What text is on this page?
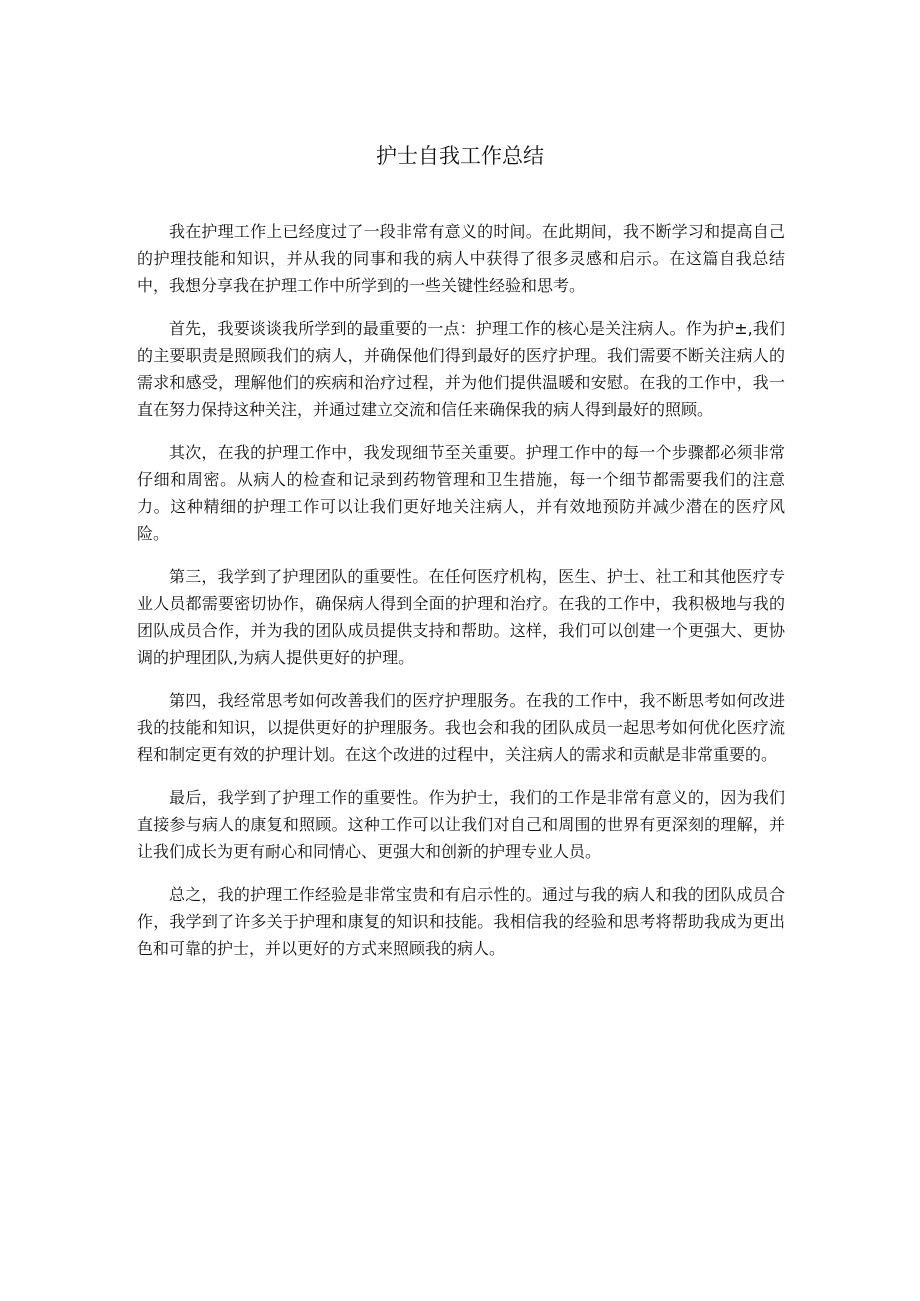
护士自我工作总结

我在护理工作上已经度过了一段非常有意义的时间。在此期间，我不断学习和提高自己的护理技能和知识，并从我的同事和我的病人中获得了很多灵感和启示。在这篇自我总结中，我想分享我在护理工作中所学到的一些关键性经验和思考。

首先，我要谈谈我所学到的最重要的一点：护理工作的核心是关注病人。作为护±,我们的主要职责是照顾我们的病人，并确保他们得到最好的医疗护理。我们需要不断关注病人的需求和感受，理解他们的疾病和治疗过程，并为他们提供温暖和安慰。在我的工作中，我一直在努力保持这种关注，并通过建立交流和信任来确保我的病人得到最好的照顾。

其次，在我的护理工作中，我发现细节至关重要。护理工作中的每一个步骤都必须非常仔细和周密。从病人的检查和记录到药物管理和卫生措施，每一个细节都需要我们的注意力。这种精细的护理工作可以让我们更好地关注病人，并有效地预防并减少潜在的医疗风险。

第三，我学到了护理团队的重要性。在任何医疗机构，医生、护士、社工和其他医疗专业人员都需要密切协作，确保病人得到全面的护理和治疗。在我的工作中，我积极地与我的团队成员合作，并为我的团队成员提供支持和帮助。这样，我们可以创建一个更强大、更协调的护理团队,为病人提供更好的护理。

第四，我经常思考如何改善我们的医疗护理服务。在我的工作中，我不断思考如何改进我的技能和知识，以提供更好的护理服务。我也会和我的团队成员一起思考如何优化医疗流程和制定更有效的护理计划。在这个改进的过程中，关注病人的需求和贡献是非常重要的。

最后，我学到了护理工作的重要性。作为护士，我们的工作是非常有意义的，因为我们直接参与病人的康复和照顾。这种工作可以让我们对自己和周围的世界有更深刻的理解，并让我们成长为更有耐心和同情心、更强大和创新的护理专业人员。

总之，我的护理工作经验是非常宝贵和有启示性的。通过与我的病人和我的团队成员合作，我学到了许多关于护理和康复的知识和技能。我相信我的经验和思考将帮助我成为更出色和可靠的护士，并以更好的方式来照顾我的病人。
